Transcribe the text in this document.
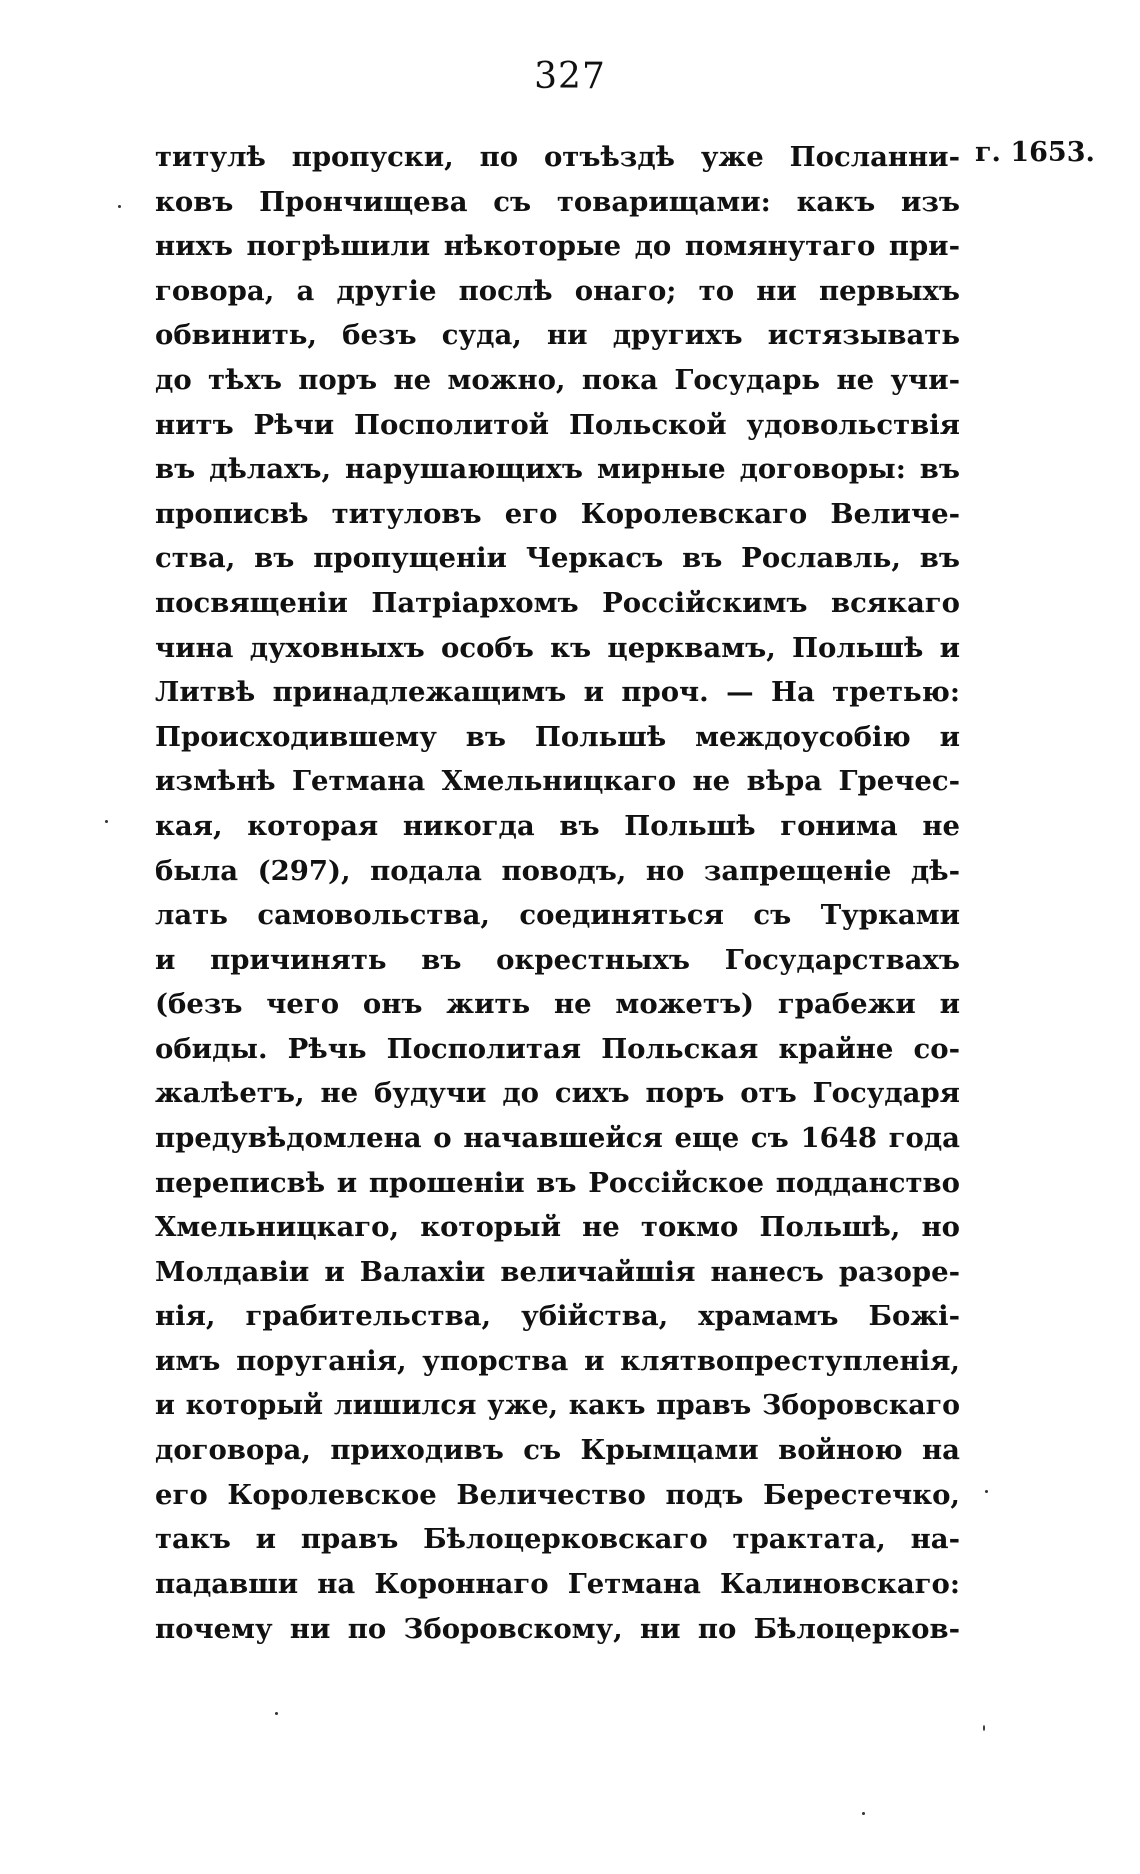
327
г. 1653.
титулѣ пропуски, по отъѣздѣ уже Посланни-
ковъ Прончищева съ товарищами: какъ изъ
нихъ погрѣшили нѣкоторые до помянутаго при-
говора, а другіе послѣ онаго; то ни первыхъ
обвинить, безъ суда, ни другихъ истязывать
до тѣхъ поръ не можно, пока Государь не учи-
нитъ Рѣчи Посполитой Польской удовольствія
въ дѣлахъ, нарушающихъ мирные договоры: въ
прописвѣ титуловъ его Королевскаго Величе-
ства, въ пропущеніи Черкасъ въ Рославль, въ
посвященіи Патріархомъ Россійскимъ всякаго
чина духовныхъ особъ къ церквамъ, Польшѣ и
Литвѣ принадлежащимъ и проч. — На третью:
Происходившему въ Польшѣ междоусобію и
измѣнѣ Гетмана Хмельницкаго не вѣра Гречес-
кая, которая никогда въ Польшѣ гонима не
была (297), подала поводъ, но запрещеніе дѣ-
лать самовольства, соединяться съ Турками
и причинять въ окрестныхъ Государствахъ
(безъ чего онъ жить не можетъ) грабежи и
обиды. Рѣчь Посполитая Польская крайне со-
жалѣетъ, не будучи до сихъ поръ отъ Государя
предувѣдомлена о начавшейся еще съ 1648 года
переписвѣ и прошеніи въ Россійское подданство
Хмельницкаго, который не токмо Польшѣ, но
Молдавіи и Валахіи величайшія нанесъ разоре-
нія, грабительства, убійства, храмамъ Божі-
имъ поруганія, упорства и клятвопреступленія,
и который лишился уже, какъ правъ Зборовскаго
договора, приходивъ съ Крымцами войною на
его Королевское Величество подъ Берестечко,
такъ и правъ Бѣлоцерковскаго трактата, на-
падавши на Короннаго Гетмана Калиновскаго:
почему ни по Зборовскому, ни по Бѣлоцерков-
